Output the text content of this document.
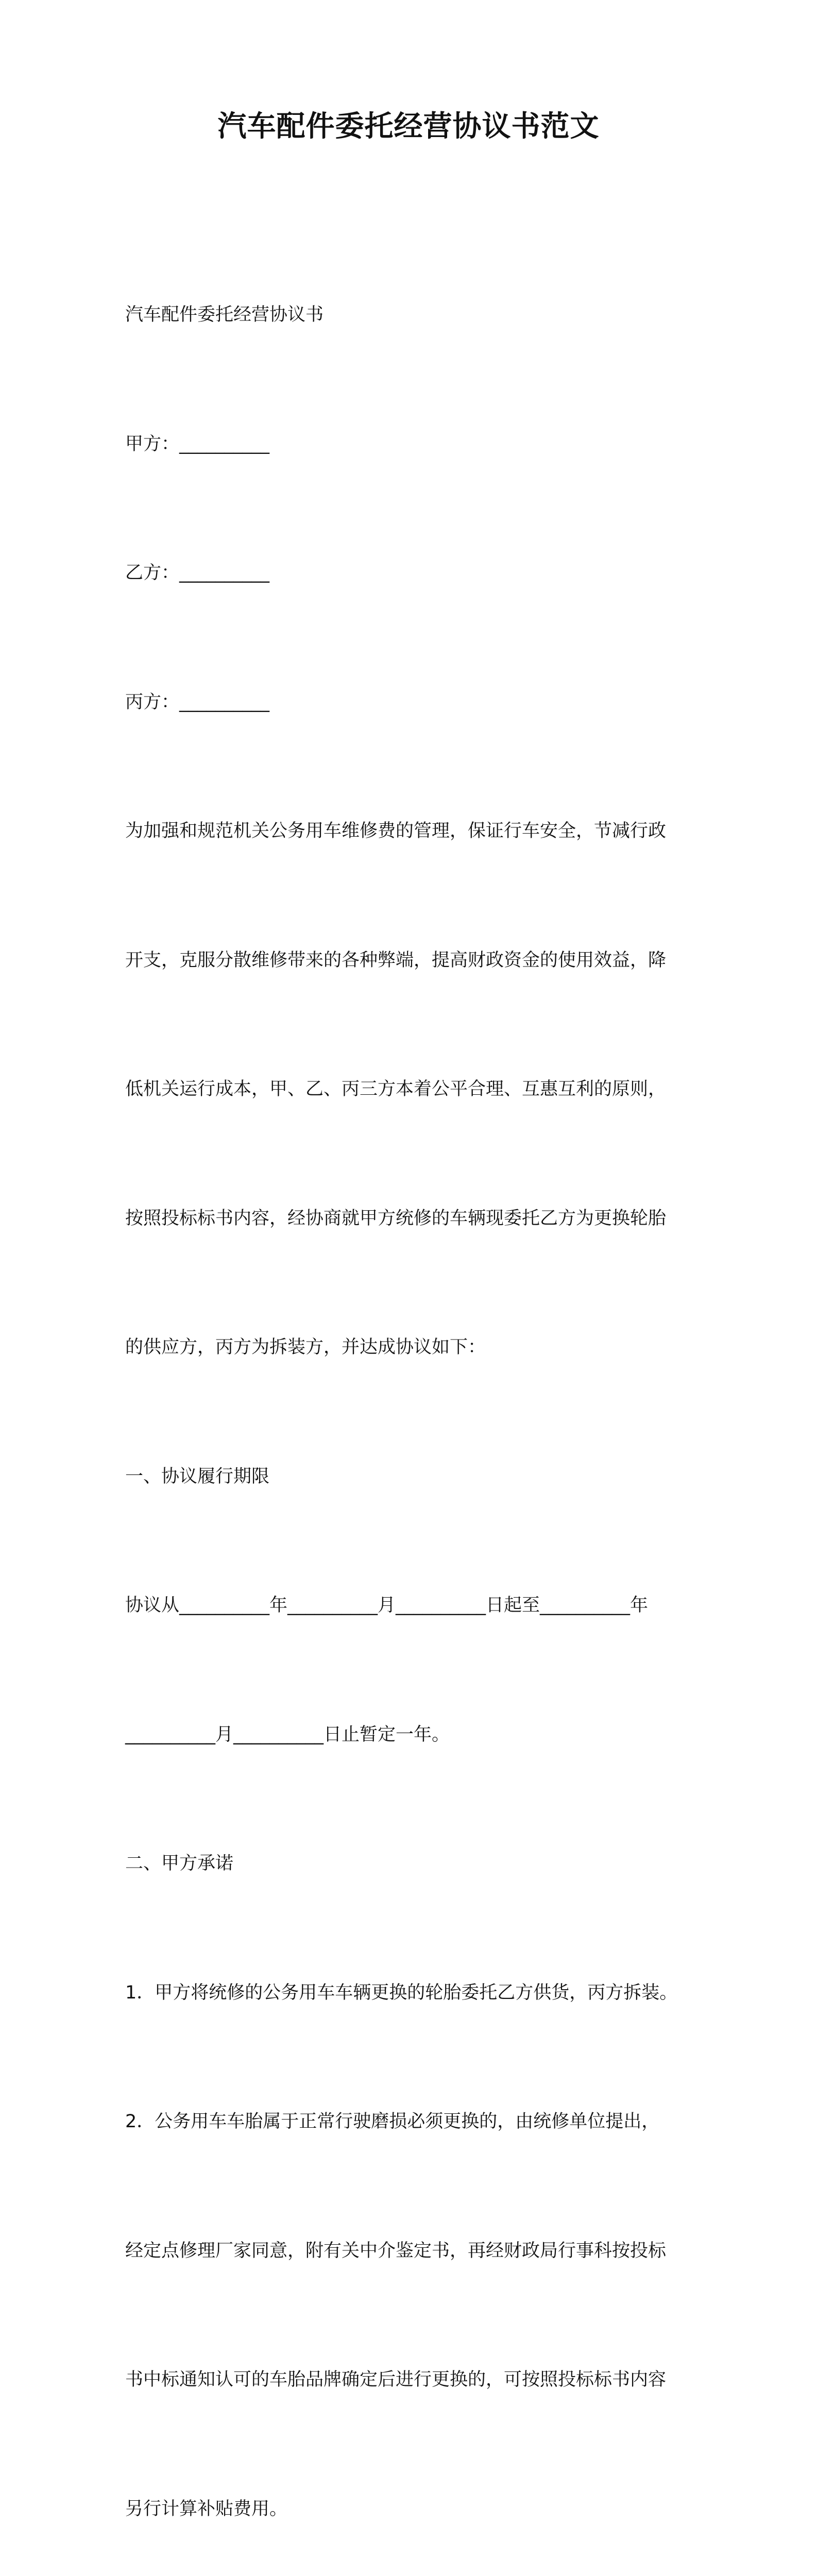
汽车配件委托经营协议书范文

汽车配件委托经营协议书

甲方：__________

乙方：__________

丙方：__________

为加强和规范机关公务用车维修费的管理，保证行车安全，节减行政

开支，克服分散维修带来的各种弊端，提高财政资金的使用效益，降

低机关运行成本，甲、乙、丙三方本着公平合理、互惠互利的原则，

按照投标标书内容，经协商就甲方统修的车辆现委托乙方为更换轮胎

的供应方，丙方为拆装方，并达成协议如下：

一、协议履行期限

协议从__________年__________月__________日起至__________年

__________月__________日止暂定一年。

二、甲方承诺

1．甲方将统修的公务用车车辆更换的轮胎委托乙方供货，丙方拆装。

2．公务用车车胎属于正常行驶磨损必须更换的，由统修单位提出，

经定点修理厂家同意，附有关中介鉴定书，再经财政局行事科按投标

书中标通知认可的车胎品牌确定后进行更换的，可按照投标标书内容

另行计算补贴费用。
